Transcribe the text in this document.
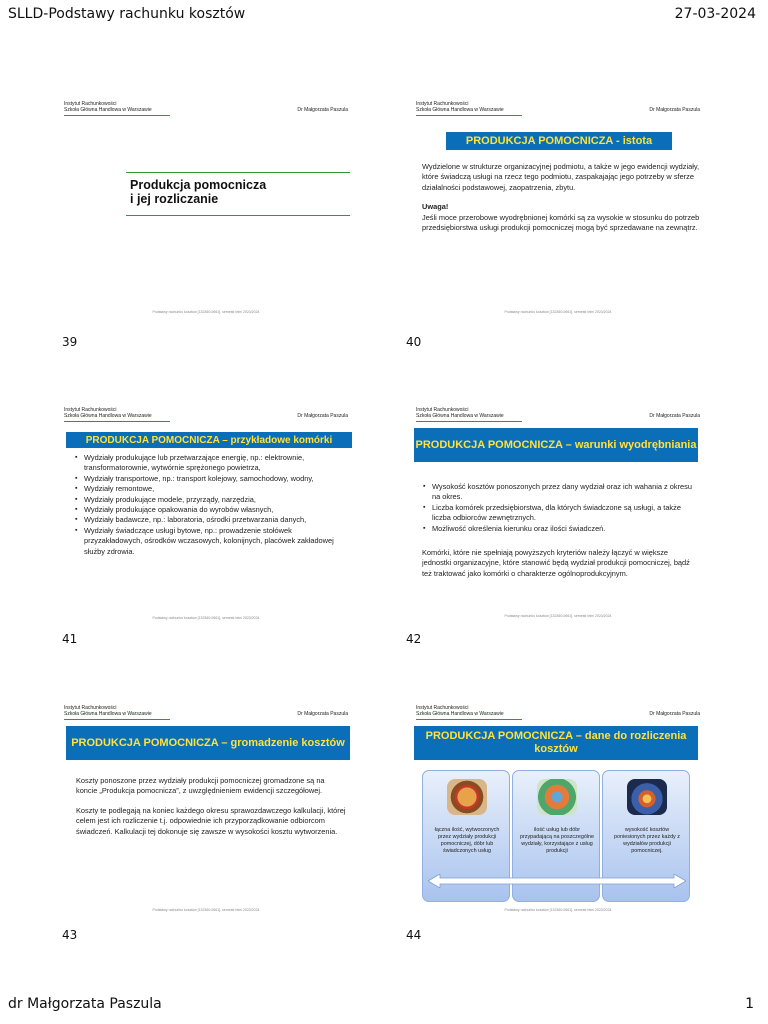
SLLD-Podstawy rachunku kosztów	27-03-2024
Instytut Rachunkowości
Szkoła Główna Handlowa w Warszawie	Dr Małgorzata Paszula
Produkcja pomocnicza
i jej rozliczanie
Podstawy rachunku kosztów [132360-0661], semestr letni 2023/2024
39
Instytut Rachunkowości
Szkoła Główna Handlowa w Warszawie	Dr Małgorzata Paszula
PRODUKCJA POMOCNICZA - istota

Wydzielone w strukturze organizacyjnej podmiotu, a także w jego ewidencji wydziały, które świadczą usługi na rzecz tego podmiotu, zaspakajając jego potrzeby w sferze działalności podstawowej, zaopatrzenia, zbytu.

Uwaga!
Jeśli moce przerobowe wyodrębnionej komórki są za wysokie w stosunku do potrzeb przedsiębiorstwa usługi produkcji pomocniczej mogą być sprzedawane na zewnątrz.
Podstawy rachunku kosztów [132360-0661], semestr letni 2023/2024
40
Instytut Rachunkowości
Szkoła Główna Handlowa w Warszawie	Dr Małgorzata Paszula
PRODUKCJA POMOCNICZA – przykładowe komórki
▪ Wydziały produkujące lub przetwarzające energię, np.: elektrownie, transformatorownie, wytwórnie sprężonego powietrza,
▪ Wydziały transportowe, np.: transport kolejowy, samochodowy, wodny,
▪ Wydziały remontowe,
▪ Wydziały produkujące modele, przyrządy, narzędzia,
▪ Wydziały produkujące opakowania do wyrobów własnych,
▪ Wydziały badawcze, np.: laboratoria, ośrodki przetwarzania danych,
▪ Wydziały świadczące usługi bytowe, np.: prowadzenie stołówek przyzakładowych, ośrodków wczasowych, kolonijnych, placówek zakładowej służby zdrowia.
Podstawy rachunku kosztów [132360-0661], semestr letni 2023/2024
41
Instytut Rachunkowości
Szkoła Główna Handlowa w Warszawie	Dr Małgorzata Paszula
PRODUKCJA POMOCNICZA – warunki wyodrębniania
▪ Wysokość kosztów ponoszonych przez dany wydział oraz ich wahania z okresu na okres.
▪ Liczba komórek przedsiębiorstwa, dla których świadczone są usługi, a także liczba odbiorców zewnętrznych.
▪ Możliwość określenia kierunku oraz ilości świadczeń.
Komórki, które nie spełniają powyższych kryteriów należy łączyć w większe jednostki organizacyjne, które stanowić będą wydział produkcji pomocniczej, bądź też traktować jako komórki o charakterze ogólnoprodukcyjnym.
Podstawy rachunku kosztów [132360-0661], semestr letni 2023/2024
42
Instytut Rachunkowości
Szkoła Główna Handlowa w Warszawie	Dr Małgorzata Paszula
PRODUKCJA POMOCNICZA – gromadzenie kosztów

Koszty ponoszone przez wydziały produkcji pomocniczej gromadzone są na koncie „Produkcja pomocnicza”, z uwzględnieniem ewidencji szczegółowej.

Koszty te podlegają na koniec każdego okresu sprawozdawczego kalkulacji, której celem jest ich rozliczenie t.j. odpowiednie ich przyporządkowanie odbiorcom świadczeń. Kalkulacji tej dokonuje się zawsze w wysokości kosztu wytworzenia.

Podstawy rachunku kosztów [132360-0661], semestr letni 2023/2024
43
Instytut Rachunkowości
Szkoła Główna Handlowa w Warszawie	Dr Małgorzata Paszula
PRODUKCJA POMOCNICZA – dane do rozliczenia kosztów
łączna ilość, wytworzonych przez wydziały produkcji pomocniczej, dóbr lub świadczonych usług
ilość usług lub dóbr przypadającą na poszczególne wydziały, korzystające z usług produkcji
wysokość kosztów poniesionych przez każdy z wydziałów produkcji pomocniczej.
Podstawy rachunku kosztów [132360-0661], semestr letni 2023/2024
44
dr Małgorzata Paszula	1
